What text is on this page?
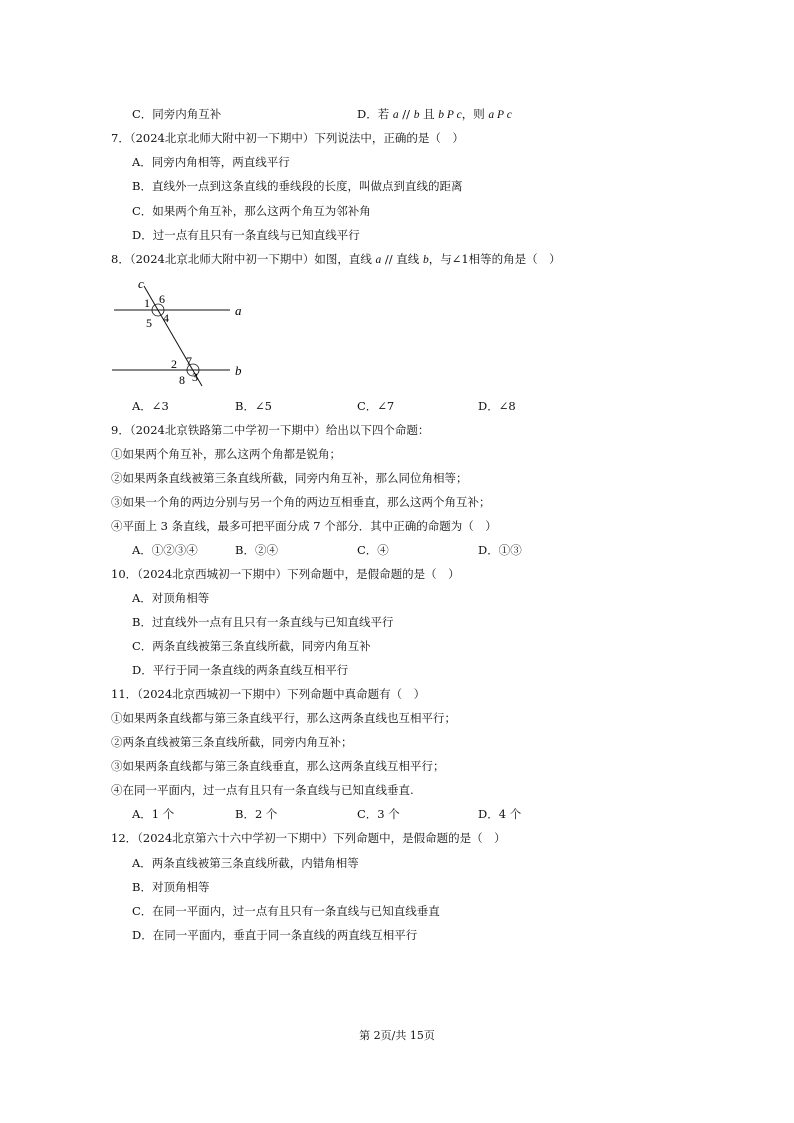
C．同旁内角互补	D．若 a // b 且 b P c，则 a P c
7．（2024北京北师大附中初一下期中）下列说法中，正确的是（　）
A．同旁内角相等，两直线平行
B．直线外一点到这条直线的垂线段的长度，叫做点到直线的距离
C．如果两个角互补，那么这两个角互为邻补角
D．过一点有且只有一条直线与已知直线平行
8．（2024北京北师大附中初一下期中）如图，直线 a // 直线 b，与∠1相等的角是（　）
c
a
b
1 6
5 4
2 7
8 3
A．∠3	B．∠5	C．∠7	D．∠8
9．（2024北京铁路第二中学初一下期中）给出以下四个命题：
①如果两个角互补，那么这两个角都是锐角；
②如果两条直线被第三条直线所截，同旁内角互补，那么同位角相等；
③如果一个角的两边分别与另一个角的两边互相垂直，那么这两个角互补；
④平面上 3 条直线，最多可把平面分成 7 个部分．其中正确的命题为（　）
A．①②③④	B．②④	C．④	D．①③
10．（2024北京西城初一下期中）下列命题中，是假命题的是（　）
A．对顶角相等
B．过直线外一点有且只有一条直线与已知直线平行
C．两条直线被第三条直线所截，同旁内角互补
D．平行于同一条直线的两条直线互相平行
11．（2024北京西城初一下期中）下列命题中真命题有（　）
①如果两条直线都与第三条直线平行，那么这两条直线也互相平行；
②两条直线被第三条直线所截，同旁内角互补；
③如果两条直线都与第三条直线垂直，那么这两条直线互相平行；
④在同一平面内，过一点有且只有一条直线与已知直线垂直.
A．1 个	B．2 个	C．3 个	D．4 个
12．（2024北京第六十六中学初一下期中）下列命题中，是假命题的是（　）
A．两条直线被第三条直线所截，内错角相等
B．对顶角相等
C．在同一平面内，过一点有且只有一条直线与已知直线垂直
D．在同一平面内，垂直于同一条直线的两直线互相平行
第 2页/共 15页
